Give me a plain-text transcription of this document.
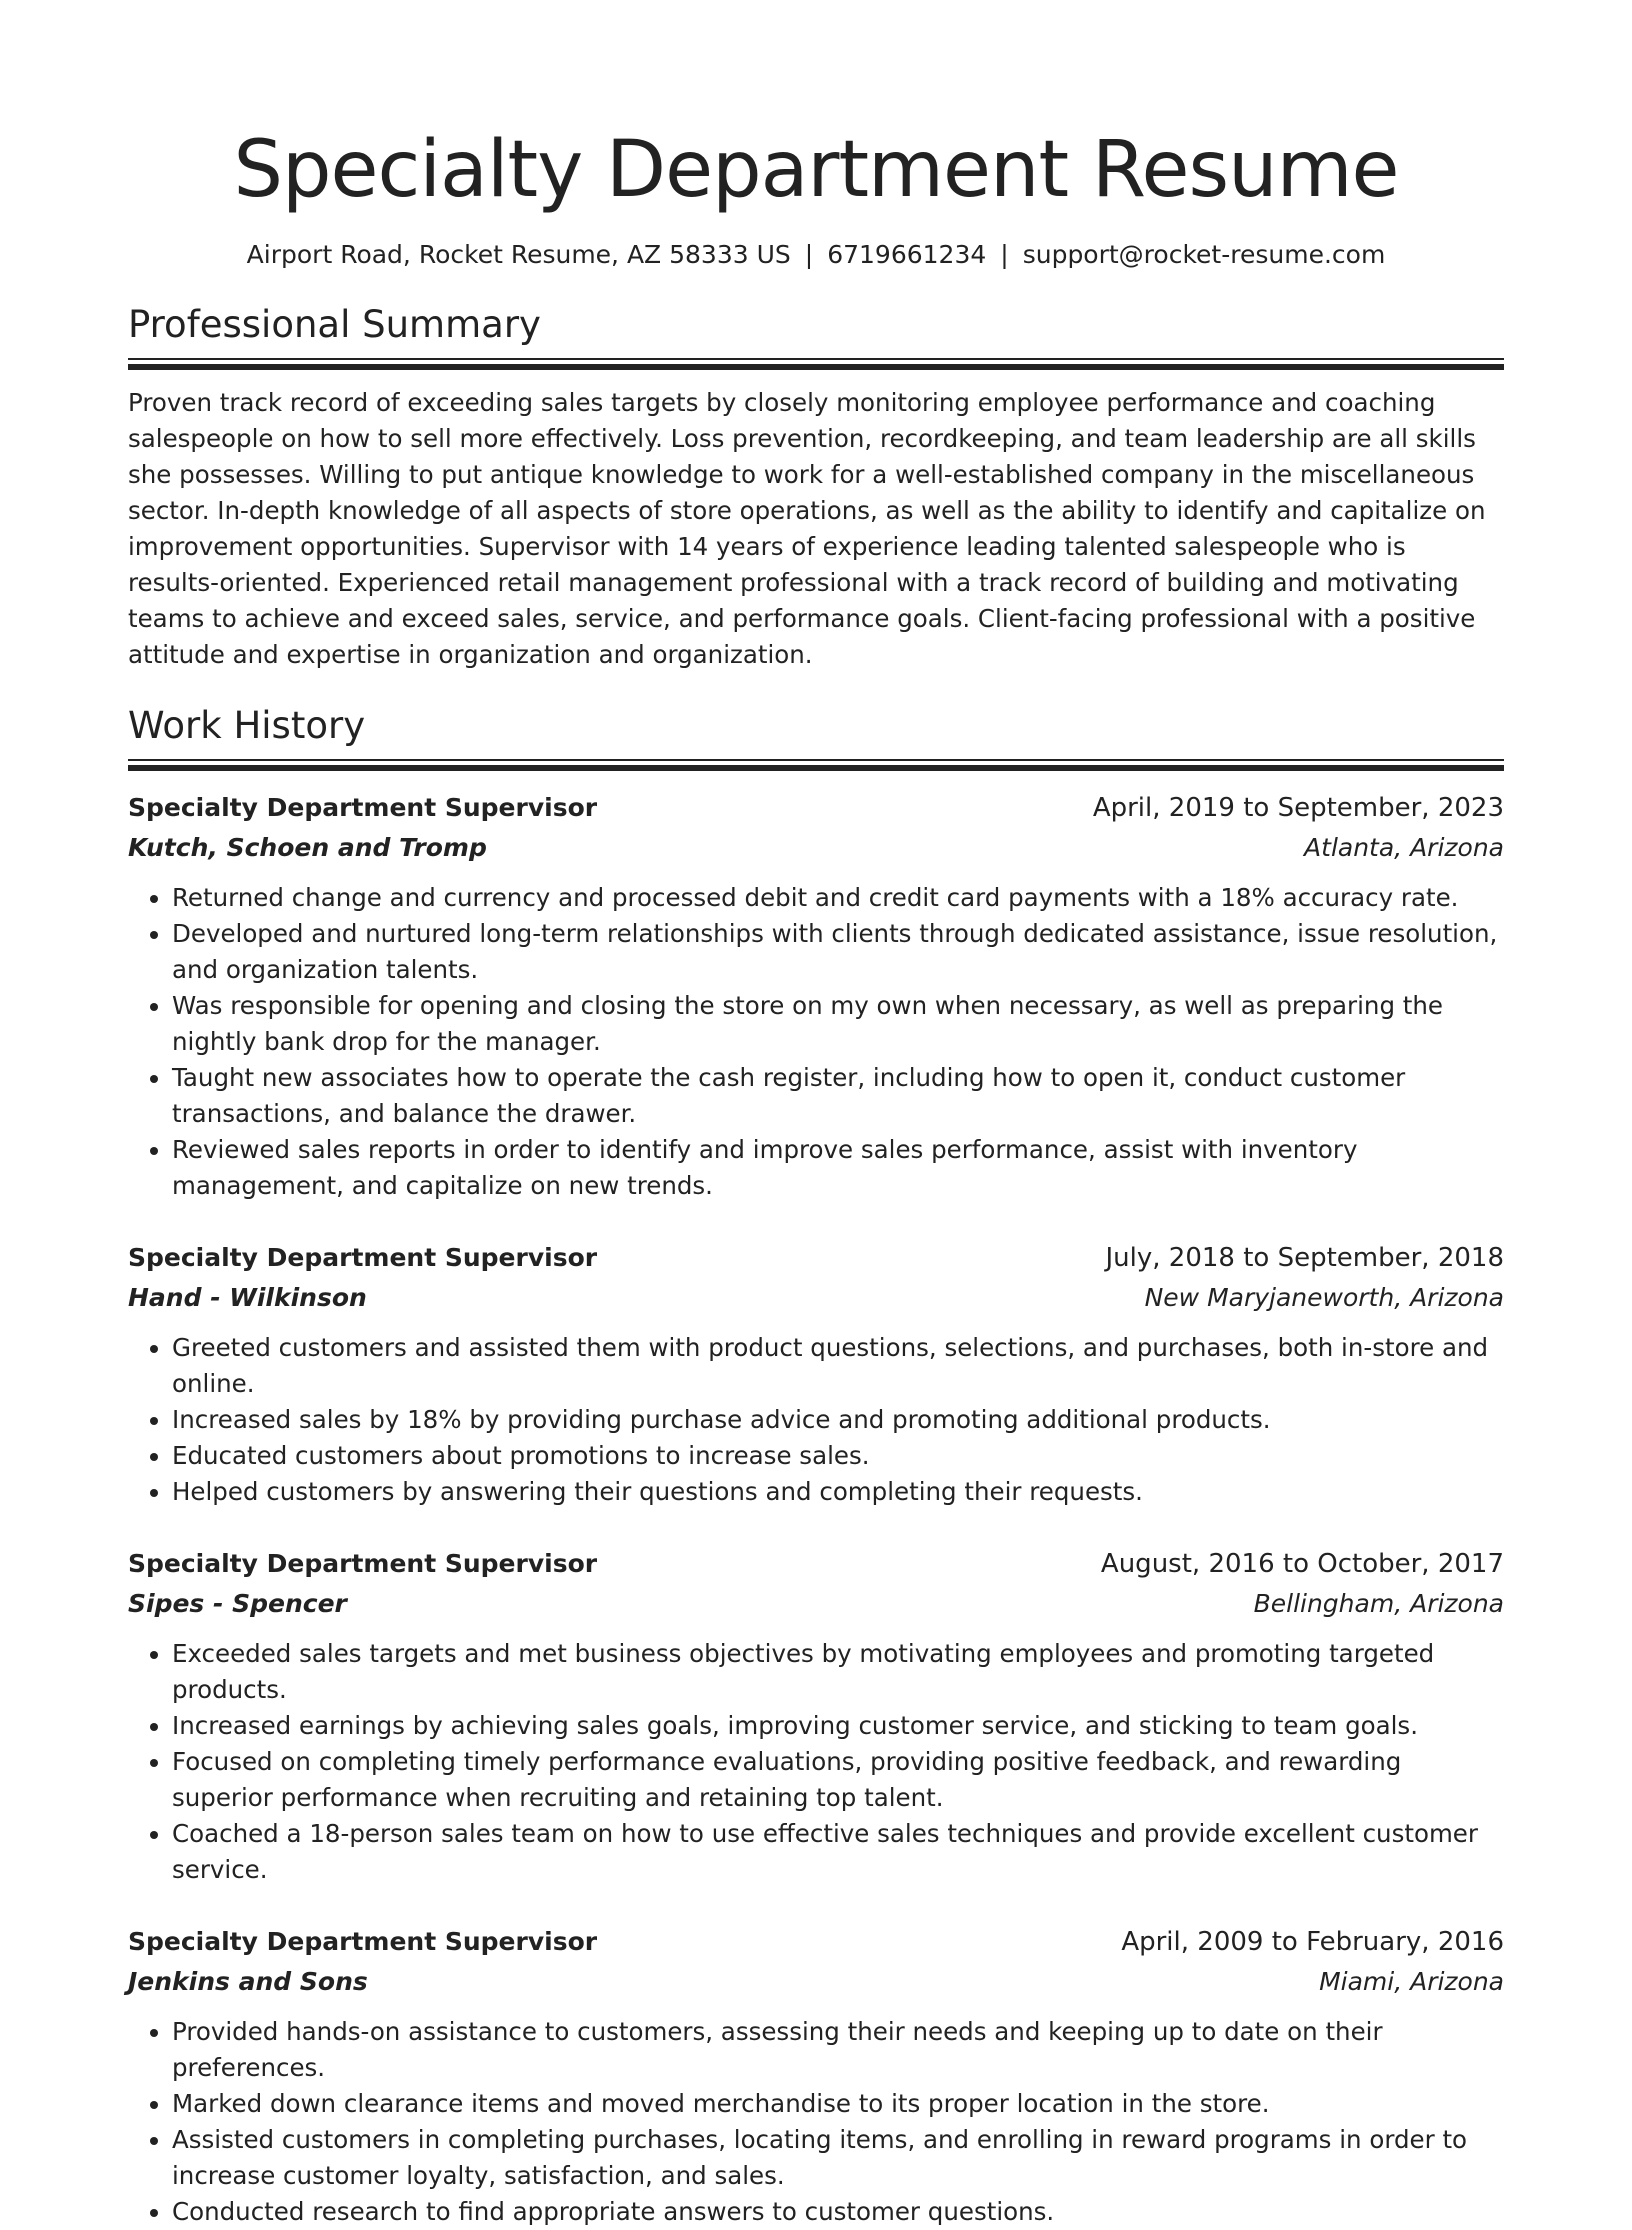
Specialty Department Resume
Airport Road, Rocket Resume, AZ 58333 US | 6719661234 | support@rocket-resume.com
Professional Summary
Proven track record of exceeding sales targets by closely monitoring employee performance and coaching salespeople on how to sell more effectively. Loss prevention, recordkeeping, and team leadership are all skills she possesses. Willing to put antique knowledge to work for a well-established company in the miscellaneous sector. In-depth knowledge of all aspects of store operations, as well as the ability to identify and capitalize on improvement opportunities. Supervisor with 14 years of experience leading talented salespeople who is results-oriented. Experienced retail management professional with a track record of building and motivating teams to achieve and exceed sales, service, and performance goals. Client-facing professional with a positive attitude and expertise in organization and organization.
Work History
Specialty Department Supervisor	April, 2019 to September, 2023
Kutch, Schoen and Tromp	Atlanta, Arizona
• Returned change and currency and processed debit and credit card payments with a 18% accuracy rate.
• Developed and nurtured long-term relationships with clients through dedicated assistance, issue resolution, and organization talents.
• Was responsible for opening and closing the store on my own when necessary, as well as preparing the nightly bank drop for the manager.
• Taught new associates how to operate the cash register, including how to open it, conduct customer transactions, and balance the drawer.
• Reviewed sales reports in order to identify and improve sales performance, assist with inventory management, and capitalize on new trends.
Specialty Department Supervisor	July, 2018 to September, 2018
Hand - Wilkinson	New Maryjaneworth, Arizona
• Greeted customers and assisted them with product questions, selections, and purchases, both in-store and online.
• Increased sales by 18% by providing purchase advice and promoting additional products.
• Educated customers about promotions to increase sales.
• Helped customers by answering their questions and completing their requests.
Specialty Department Supervisor	August, 2016 to October, 2017
Sipes - Spencer	Bellingham, Arizona
• Exceeded sales targets and met business objectives by motivating employees and promoting targeted products.
• Increased earnings by achieving sales goals, improving customer service, and sticking to team goals.
• Focused on completing timely performance evaluations, providing positive feedback, and rewarding superior performance when recruiting and retaining top talent.
• Coached a 18-person sales team on how to use effective sales techniques and provide excellent customer service.
Specialty Department Supervisor	April, 2009 to February, 2016
Jenkins and Sons	Miami, Arizona
• Provided hands-on assistance to customers, assessing their needs and keeping up to date on their preferences.
• Marked down clearance items and moved merchandise to its proper location in the store.
• Assisted customers in completing purchases, locating items, and enrolling in reward programs in order to increase customer loyalty, satisfaction, and sales.
• Conducted research to find appropriate answers to customer questions.
